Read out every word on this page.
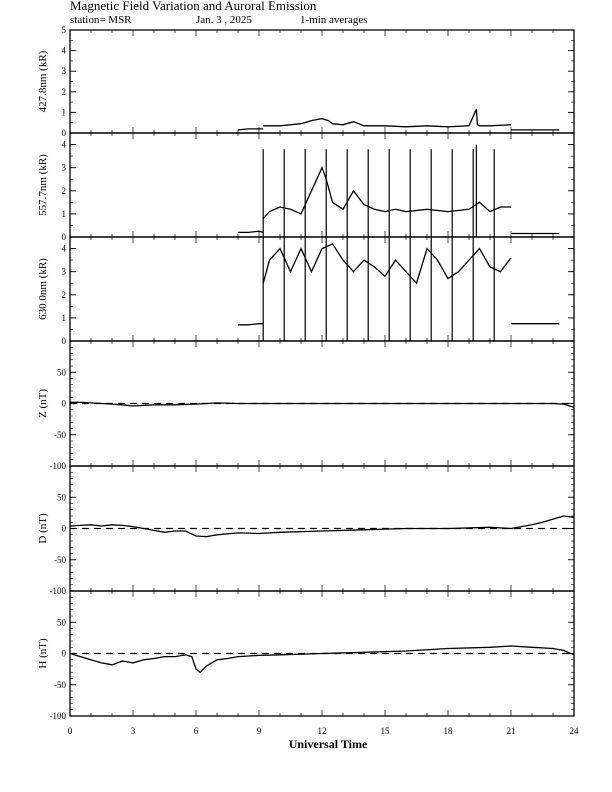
Magnetic Field Variation and Auroral Emission
station= MSR	Jan. 3 , 2025	1-min averages
0
1
2
3
4
5
427.8nm (kR)
0
1
2
3
4
557.7nm (kR)
0
1
2
3
4
630.0nm (kR)
-100
-50
0
50
Z (nT)
-100
-50
0
50
D (nT)
-100
-50
0
50
H (nT)
0	3	6	9	12	15	18	21	24
Universal Time
